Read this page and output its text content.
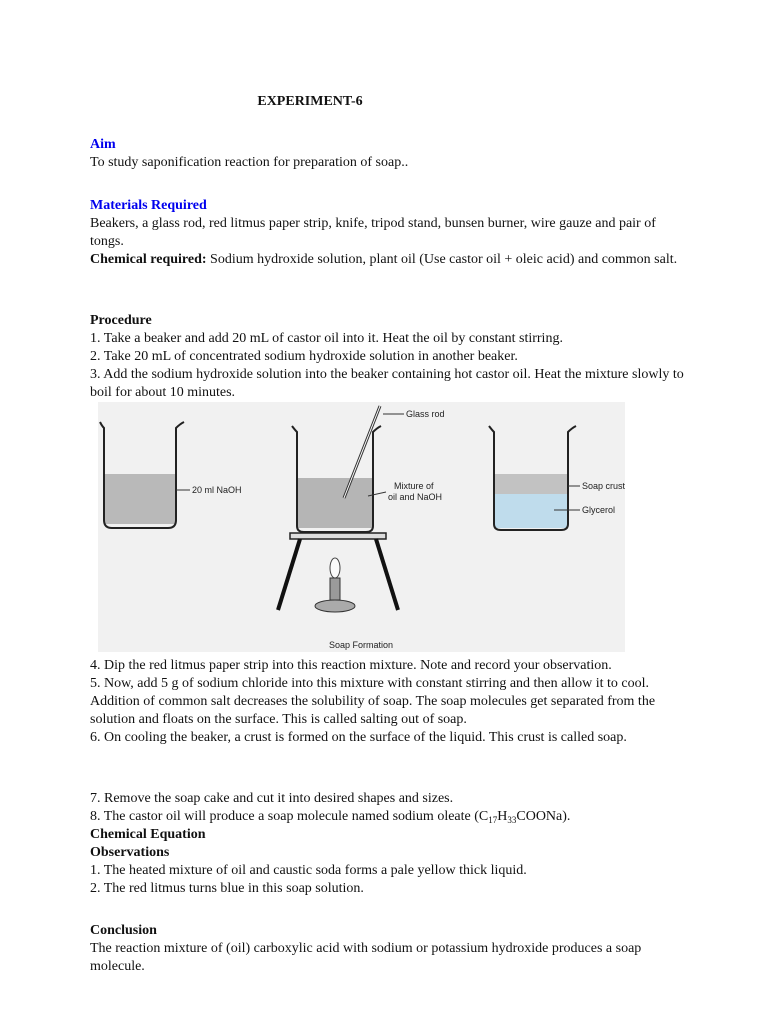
EXPERIMENT-6

Aim

To study saponification reaction for preparation of soap..

Materials Required

Beakers, a glass rod, red litmus paper strip, knife, tripod stand, bunsen burner, wire gauze and pair of tongs.

Chemical required: Sodium hydroxide solution, plant oil (Use castor oil + oleic acid) and common salt.

Procedure

1. Take a beaker and add 20 mL of castor oil into it. Heat the oil by constant stirring.

2. Take 20 mL of concentrated sodium hydroxide solution in another beaker.

3. Add the sodium hydroxide solution into the beaker containing hot castor oil. Heat the mixture slowly to boil for about 10 minutes.

4. Dip the red litmus paper strip into this reaction mixture. Note and record your observation.

5. Now, add 5 g of sodium chloride into this mixture with constant stirring and then allow it to cool. Addition of common salt decreases the solubility of soap. The soap molecules get separated from the solution and floats on the surface. This is called salting out of soap.

6. On cooling the beaker, a crust is formed on the surface of the liquid. This crust is called soap.

7. Remove the soap cake and cut it into desired shapes and sizes.

8. The castor oil will produce a soap molecule named sodium oleate $(C_{17}H_{33}COONa)$.

Chemical Equation

Observations

1. The heated mixture of oil and caustic soda forms a pale yellow thick liquid.

2. The red litmus turns blue in this soap solution.

Conclusion

The reaction mixture of (oil) carboxylic acid with sodium or potassium hydroxide produces a soap molecule.

20 ml NaOH
Glass rod
Mixture of
oil and NaOH
Soap Formation
Soap crust
Glycerol
